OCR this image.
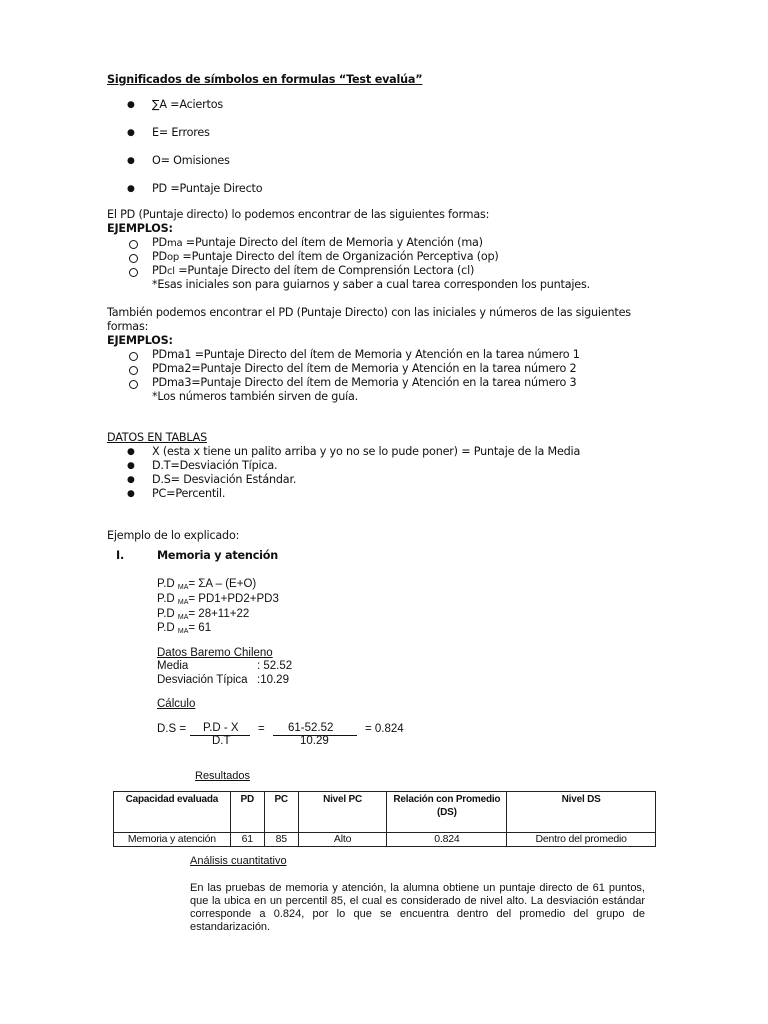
Significados de símbolos en formulas “Test evalúa”
● ∑A =Aciertos
● E= Errores
● O= Omisiones
● PD =Puntaje Directo
El PD (Puntaje directo) lo podemos encontrar de las siguientes formas:
EJEMPLOS:
PDma =Puntaje Directo del ítem de Memoria y Atención (ma)
PDop =Puntaje Directo del ítem de Organización Perceptiva (op)
PDcl =Puntaje Directo del ítem de Comprensión Lectora (cl)
*Esas iniciales son para guiarnos y saber a cual tarea corresponden los puntajes.
También podemos encontrar el PD (Puntaje Directo) con las iniciales y números de las siguientes
formas:
EJEMPLOS:
PDma1 =Puntaje Directo del ítem de Memoria y Atención en la tarea número 1
PDma2=Puntaje Directo del ítem de Memoria y Atención en la tarea número 2
PDma3=Puntaje Directo del ítem de Memoria y Atención en la tarea número 3
*Los números también sirven de guía.
DATOS EN TABLAS
● X (esta x tiene un palito arriba y yo no se lo pude poner) = Puntaje de la Media
● D.T=Desviación Típica.
● D.S= Desviación Estándar.
● PC=Percentil.
Ejemplo de lo explicado:
I.	Memoria y atención
P.D $_{MA}$= ΣA – (E+O)
P.D $_{MA}$= PD1+PD2+PD3
P.D $_{MA}$= 28+11+22
P.D $_{MA}$= 61
Datos Baremo Chileno
Media	: 52.52
Desviación Típica :10.29
Cálculo
D.S = P.D - X
D.T
= 61-52.52
10.29
= 0.824
Resultados
Capacidad evaluada	PD	PC	Nivel PC	Relación con Promedio (DS)	Nivel DS
Memoria y atención	61	85	Alto	0.824	Dentro del promedio
Análisis cuantitativo
En las pruebas de memoria y atención, la alumna obtiene un puntaje directo de 61 puntos, que la ubica en un percentil 85, el cual es considerado de nivel alto. La desviación estándar corresponde a 0.824, por lo que se encuentra dentro del promedio del grupo de estandarización.
